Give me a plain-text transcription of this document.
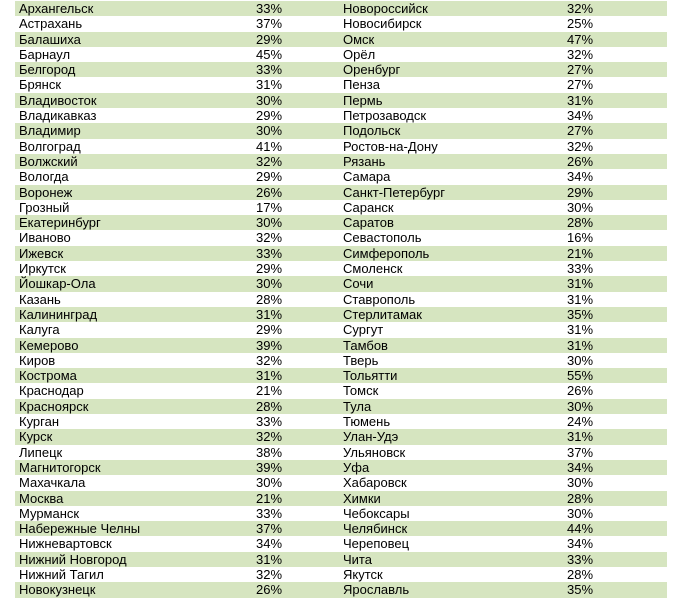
Архангельск	33%	Новороссийск	32%
Астрахань	37%	Новосибирск	25%
Балашиха	29%	Омск	47%
Барнаул	45%	Орёл	32%
Белгород	33%	Оренбург	27%
Брянск	31%	Пенза	27%
Владивосток	30%	Пермь	31%
Владикавказ	29%	Петрозаводск	34%
Владимир	30%	Подольск	27%
Волгоград	41%	Ростов-на-Дону	32%
Волжский	32%	Рязань	26%
Вологда	29%	Самара	34%
Воронеж	26%	Санкт-Петербург	29%
Грозный	17%	Саранск	30%
Екатеринбург	30%	Саратов	28%
Иваново	32%	Севастополь	16%
Ижевск	33%	Симферополь	21%
Иркутск	29%	Смоленск	33%
Йошкар-Ола	30%	Сочи	31%
Казань	28%	Ставрополь	31%
Калининград	31%	Стерлитамак	35%
Калуга	29%	Сургут	31%
Кемерово	39%	Тамбов	31%
Киров	32%	Тверь	30%
Кострома	31%	Тольятти	55%
Краснодар	21%	Томск	26%
Красноярск	28%	Тула	30%
Курган	33%	Тюмень	24%
Курск	32%	Улан-Удэ	31%
Липецк	38%	Ульяновск	37%
Магнитогорск	39%	Уфа	34%
Махачкала	30%	Хабаровск	30%
Москва	21%	Химки	28%
Мурманск	33%	Чебоксары	30%
Набережные Челны	37%	Челябинск	44%
Нижневартовск	34%	Череповец	34%
Нижний Новгород	31%	Чита	33%
Нижний Тагил	32%	Якутск	28%
Новокузнецк	26%	Ярославль	35%
